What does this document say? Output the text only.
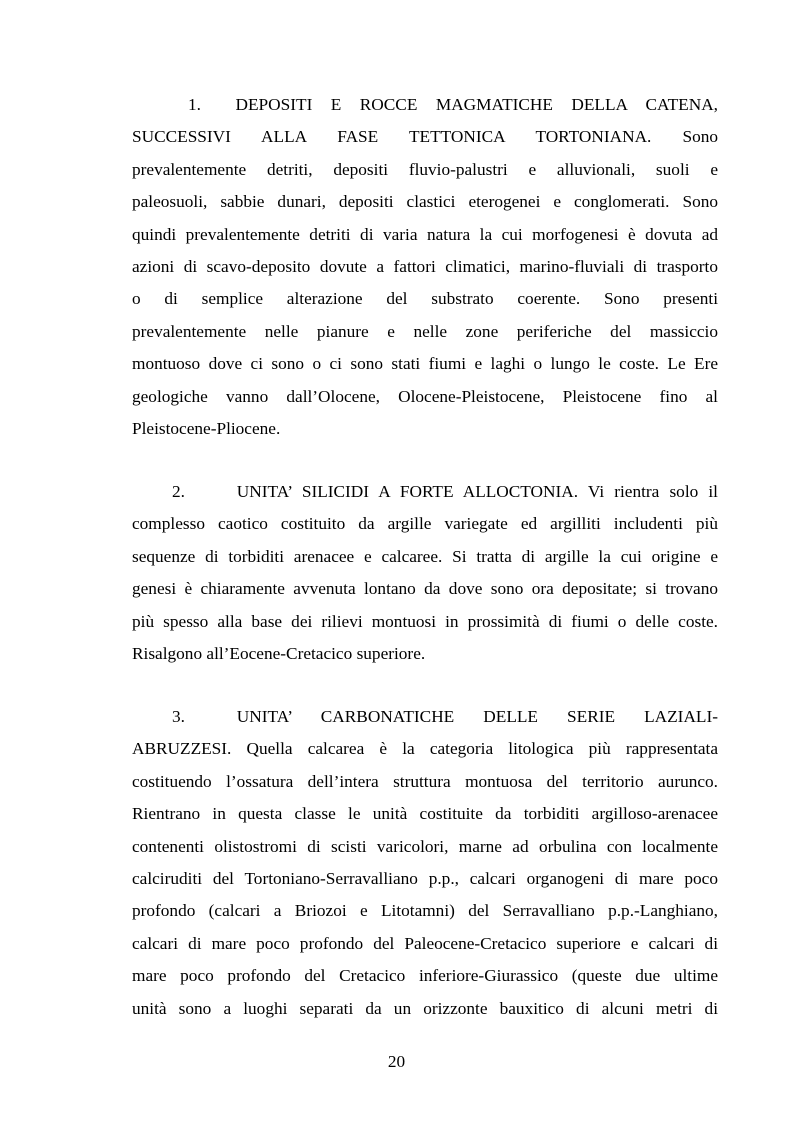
1.  DEPOSITI E ROCCE MAGMATICHE DELLA CATENA,
SUCCESSIVI ALLA FASE TETTONICA TORTONIANA. Sono
prevalentemente detriti, depositi fluvio-palustri e alluvionali, suoli e
paleosuoli, sabbie dunari, depositi clastici eterogenei e conglomerati. Sono
quindi prevalentemente detriti di varia natura la cui morfogenesi è dovuta ad
azioni di scavo-deposito dovute a fattori climatici, marino-fluviali di trasporto
o di semplice alterazione del substrato coerente. Sono presenti
prevalentemente nelle pianure e nelle zone periferiche del massiccio
montuoso dove ci sono o ci sono stati fiumi e laghi o lungo le coste. Le Ere
geologiche vanno dall’Olocene, Olocene-Pleistocene, Pleistocene fino al
Pleistocene-Pliocene.
2.   UNITA’ SILICIDI A FORTE ALLOCTONIA. Vi rientra solo il
complesso caotico costituito da argille variegate ed argilliti includenti più
sequenze di torbiditi arenacee e calcaree. Si tratta di argille la cui origine e
genesi è chiaramente avvenuta lontano da dove sono ora depositate; si trovano
più spesso alla base dei rilievi montuosi in prossimità di fiumi o delle coste.
Risalgono all’Eocene-Cretacico superiore.
3.   UNITA’ CARBONATICHE DELLE SERIE LAZIALI-
ABRUZZESI. Quella calcarea è la categoria litologica più rappresentata
costituendo l’ossatura dell’intera struttura montuosa del territorio aurunco.
Rientrano in questa classe le unità costituite da torbiditi argilloso-arenacee
contenenti olistostromi di scisti varicolori, marne ad orbulina con localmente
calciruditi del Tortoniano-Serravalliano p.p., calcari organogeni di mare poco
profondo (calcari a Briozoi e Litotamni) del Serravalliano p.p.-Langhiano,
calcari di mare poco profondo del Paleocene-Cretacico superiore e calcari di
mare poco profondo del Cretacico inferiore-Giurassico (queste due ultime
unità sono a luoghi separati da un orizzonte bauxitico di alcuni metri di
20
